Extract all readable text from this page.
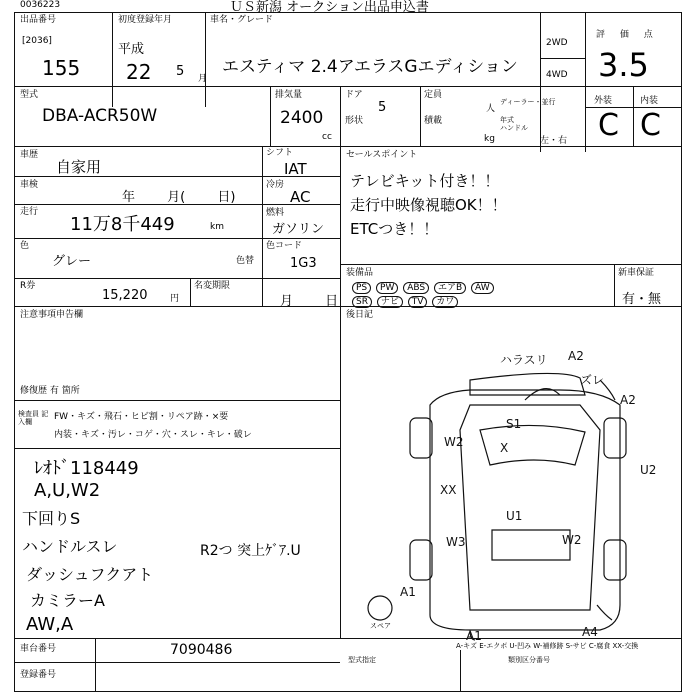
0036223	ＵＳ新潟 オークション出品申込書
出品番号
[2036]
155
初度登録年月
平成
22 5 月
車名・グレード
エスティマ 2.4アエラスGエディション
2WD
4WD
評 価 点
3.5
型式
DBA-ACR50W
排気量
2400
cc
ドア
5
形状
定員
人
積載
kg
ディーラー・並行
年式
ハンドル
左・右
外装	内装
C C
車歴
自家用
車検
年 月( 日)
走行
11万8千449	km
色
グレー	色替
シフト
IAT
冷房
AC
燃料
ガソリン
色コード
1G3
セールスポイント
テレビキット付き！！
走行中映像視聴OK！！
ETCつき！！
R券
15,220	円
名変期限
月 日
装備品
PS PW ABS エアB AW
SR ナビ TV カワ
新車保証
有・無
注意事項申告欄	後日記
修復歴 有 箇所
検査員 記入欄	FW・キズ・飛石・ヒビ割・リペア跡・×要
内装・キズ・汚レ・コゲ・穴・スレ・キレ・破レ
ﾚｵﾄﾞ118449
A,U,W2
下回りS
ハンドルスレ
ダッシュフクアト
カミラーA
AW,A
R2つ 突上ｹﾞｱ.U
ハラスリ A2
ズレ
A2
S1
W2	X
U2
XX
U1
W3	W2
A1
A1	A4
スペア
A-キズ E-エクボ U-凹み W-補修跡 S-サビ C-腐食 XX-交換
車台番号	7090486
登録番号
型式指定	類別区分番号
